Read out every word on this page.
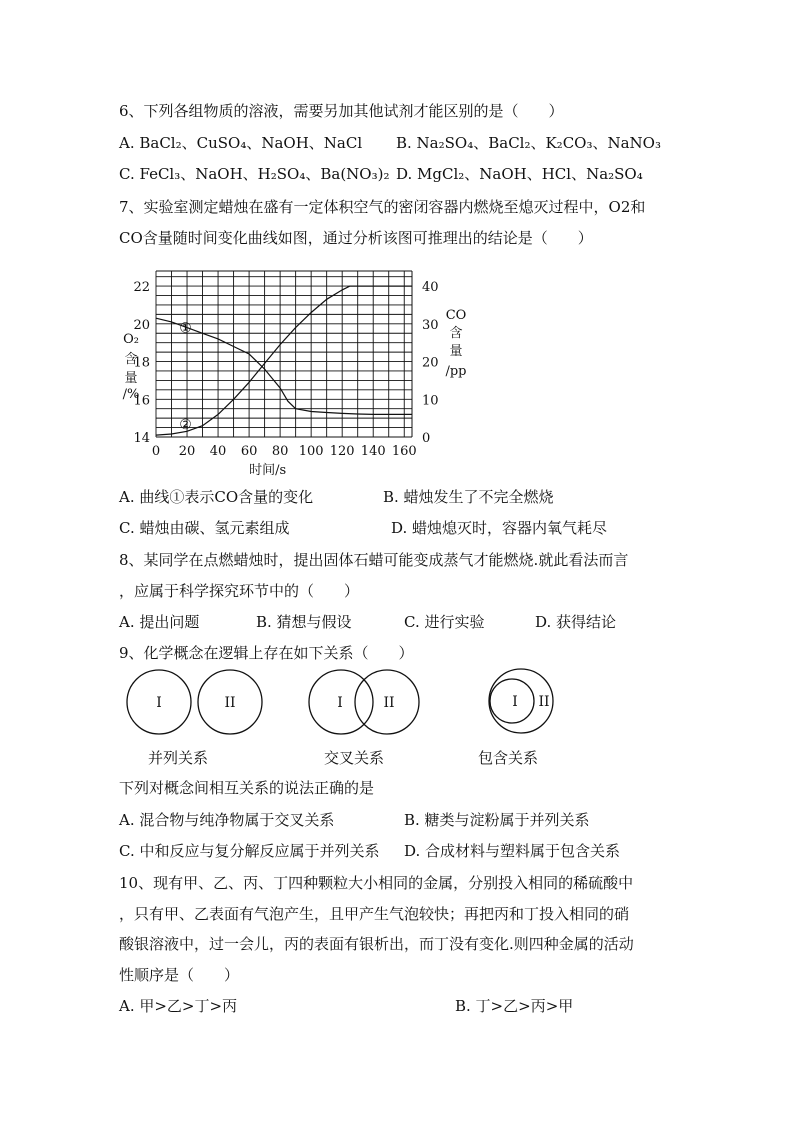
6、下列各组物质的溶液，需要另加其他试剂才能区别的是（　　）
A. BaCl₂、CuSO₄、NaOH、NaCl B. Na₂SO₄、BaCl₂、K₂CO₃、NaNO₃
C. FeCl₃、NaOH、H₂SO₄、Ba(NO₃)₂ D. MgCl₂、NaOH、HCl、Na₂SO₄
7、实验室测定蜡烛在盛有一定体积空气的密闭容器内燃烧至熄灭过程中，O2和
CO含量随时间变化曲线如图，通过分析该图可推理出的结论是（　　）
①
②
0 20 40 60 80 100 120 140 160
14
16
18
20
22
0
10
20
30
40
时间/s
O₂
含
量
/%
CO
含
量
/pp
A. 曲线①表示CO含量的变化	B. 蜡烛发生了不完全燃烧
C. 蜡烛由碳、氢元素组成	D. 蜡烛熄灭时，容器内氧气耗尽
8、某同学在点燃蜡烛时，提出固体石蜡可能变成蒸气才能燃烧.就此看法而言
，应属于科学探究环节中的（　　）
A. 提出问题	B. 猜想与假设	C. 进行实验	D. 获得结论
9、化学概念在逻辑上存在如下关系（　　）
I	II	I	II	I II
并列关系	交叉关系	包含关系
下列对概念间相互关系的说法正确的是
A. 混合物与纯净物属于交叉关系	B. 糖类与淀粉属于并列关系
C. 中和反应与复分解反应属于并列关系 D. 合成材料与塑料属于包含关系
10、现有甲、乙、丙、丁四种颗粒大小相同的金属，分别投入相同的稀硫酸中
，只有甲、乙表面有气泡产生，且甲产生气泡较快；再把丙和丁投入相同的硝
酸银溶液中，过一会儿，丙的表面有银析出，而丁没有变化.则四种金属的活动
性顺序是（　　）
A. 甲>乙>丁>丙	B. 丁>乙>丙>甲
